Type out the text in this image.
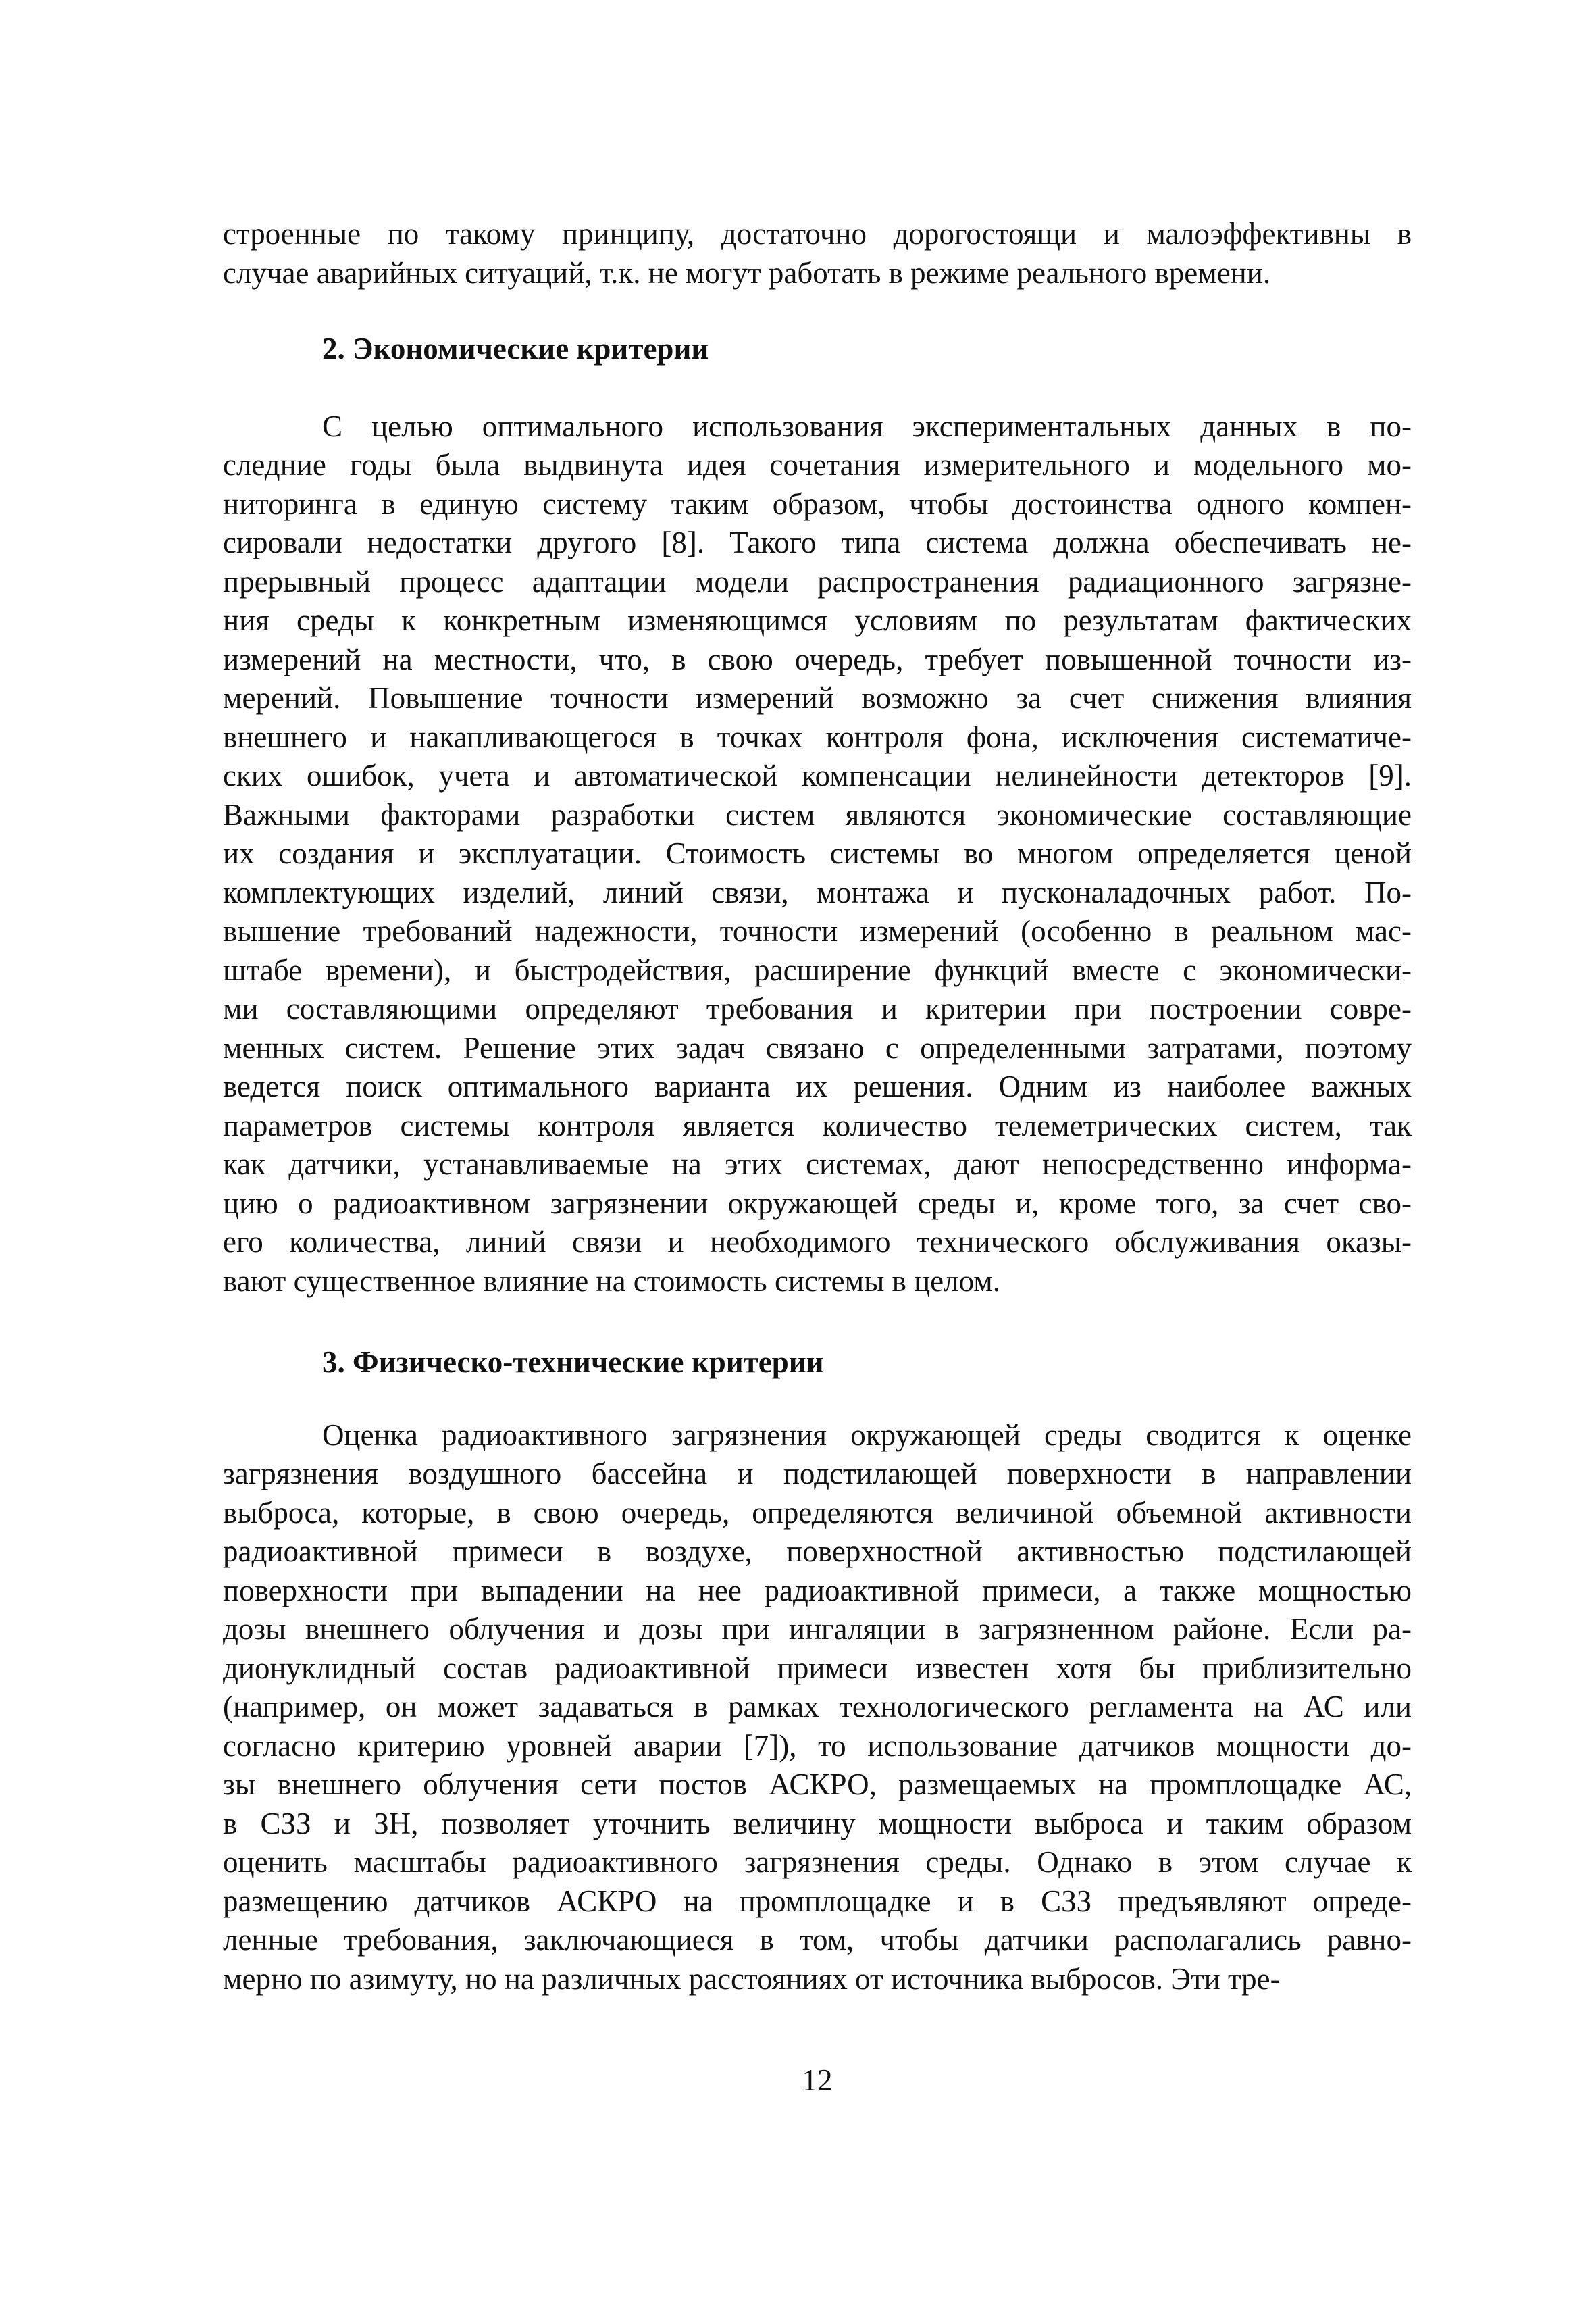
строенные по такому принципу, достаточно дорогостоящи и малоэффективны в
случае аварийных ситуаций, т.к. не могут работать в режиме реального времени.
2. Экономические критерии
С целью оптимального использования экспериментальных данных в по-
следние годы была выдвинута идея сочетания измерительного и модельного мо-
ниторинга в единую систему таким образом, чтобы достоинства одного компен-
сировали недостатки другого [8]. Такого типа система должна обеспечивать не-
прерывный процесс адаптации модели распространения радиационного загрязне-
ния среды к конкретным изменяющимся условиям по результатам фактических
измерений на местности, что, в свою очередь, требует повышенной точности из-
мерений. Повышение точности измерений возможно за счет снижения влияния
внешнего и накапливающегося в точках контроля фона, исключения систематиче-
ских ошибок, учета и автоматической компенсации нелинейности детекторов [9].
Важными факторами разработки систем являются экономические составляющие
их создания и эксплуатации. Стоимость системы во многом определяется ценой
комплектующих изделий, линий связи, монтажа и пусконаладочных работ. По-
вышение требований надежности, точности измерений (особенно в реальном мас-
штабе времени), и быстродействия, расширение функций вместе с экономически-
ми составляющими определяют требования и критерии при построении совре-
менных систем. Решение этих задач связано с определенными затратами, поэтому
ведется поиск оптимального варианта их решения. Одним из наиболее важных
параметров системы контроля является количество телеметрических систем, так
как датчики, устанавливаемые на этих системах, дают непосредственно информа-
цию о радиоактивном загрязнении окружающей среды и, кроме того, за счет сво-
его количества, линий связи и необходимого технического обслуживания оказы-
вают существенное влияние на стоимость системы в целом.
3. Физическо-технические критерии
Оценка радиоактивного загрязнения окружающей среды сводится к оценке
загрязнения воздушного бассейна и подстилающей поверхности в направлении
выброса, которые, в свою очередь, определяются величиной объемной активности
радиоактивной примеси в воздухе, поверхностной активностью подстилающей
поверхности при выпадении на нее радиоактивной примеси, а также мощностью
дозы внешнего облучения и дозы при ингаляции в загрязненном районе. Если ра-
дионуклидный состав радиоактивной примеси известен хотя бы приблизительно
(например, он может задаваться в рамках технологического регламента на АС или
согласно критерию уровней аварии [7]), то использование датчиков мощности до-
зы внешнего облучения сети постов АСКРО, размещаемых на промплощадке АС,
в СЗЗ и ЗН, позволяет уточнить величину мощности выброса и таким образом
оценить масштабы радиоактивного загрязнения среды. Однако в этом случае к
размещению датчиков АСКРО на промплощадке и в СЗЗ предъявляют опреде-
ленные требования, заключающиеся в том, чтобы датчики располагались равно-
мерно по азимуту, но на различных расстояниях от источника выбросов. Эти тре-
12
